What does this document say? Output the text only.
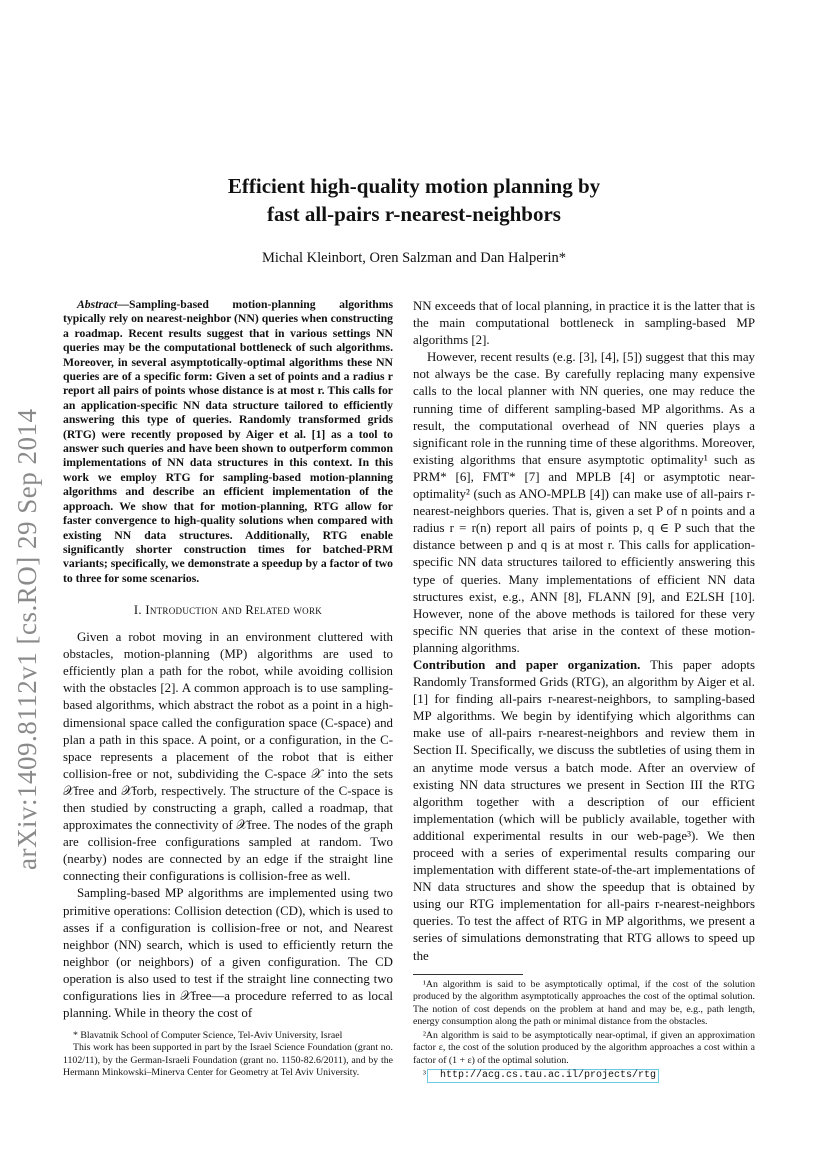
arXiv:1409.8112v1 [cs.RO] 29 Sep 2014
Efficient high-quality motion planning by
fast all-pairs r-nearest-neighbors
Michal Kleinbort, Oren Salzman and Dan Halperin*

Abstract—Sampling-based motion-planning algorithms typically rely on nearest-neighbor (NN) queries when constructing a roadmap. Recent results suggest that in various settings NN queries may be the computational bottleneck of such algorithms. Moreover, in several asymptotically-optimal algorithms these NN queries are of a specific form: Given a set of points and a radius r report all pairs of points whose distance is at most r. This calls for an application-specific NN data structure tailored to efficiently answering this type of queries. Randomly transformed grids (RTG) were recently proposed by Aiger et al. [1] as a tool to answer such queries and have been shown to outperform common implementations of NN data structures in this context. In this work we employ RTG for sampling-based motion-planning algorithms and describe an efficient implementation of the approach. We show that for motion-planning, RTG allow for faster convergence to high-quality solutions when compared with existing NN data structures. Additionally, RTG enable significantly shorter construction times for batched-PRM variants; specifically, we demonstrate a speedup by a factor of two to three for some scenarios.

I. Introduction and Related work

Given a robot moving in an environment cluttered with obstacles, motion-planning (MP) algorithms are used to efficiently plan a path for the robot, while avoiding collision with the obstacles [2]. A common approach is to use sampling-based algorithms, which abstract the robot as a point in a high-dimensional space called the configuration space (C-space) and plan a path in this space. A point, or a configuration, in the C-space represents a placement of the robot that is either collision-free or not, subdividing the C-space 𝒳 into the sets 𝒳free and 𝒳forb, respectively. The structure of the C-space is then studied by constructing a graph, called a roadmap, that approximates the connectivity of 𝒳free. The nodes of the graph are collision-free configurations sampled at random. Two (nearby) nodes are connected by an edge if the straight line connecting their configurations is collision-free as well.

Sampling-based MP algorithms are implemented using two primitive operations: Collision detection (CD), which is used to asses if a configuration is collision-free or not, and Nearest neighbor (NN) search, which is used to efficiently return the neighbor (or neighbors) of a given configuration. The CD operation is also used to test if the straight line connecting two configurations lies in 𝒳free—a procedure referred to as local planning. While in theory the cost of

* Blavatnik School of Computer Science, Tel-Aviv University, Israel

This work has been supported in part by the Israel Science Foundation (grant no. 1102/11), by the German-Israeli Foundation (grant no. 1150-82.6/2011), and by the Hermann Minkowski–Minerva Center for Geometry at Tel Aviv University.

NN exceeds that of local planning, in practice it is the latter that is the main computational bottleneck in sampling-based MP algorithms [2].

However, recent results (e.g. [3], [4], [5]) suggest that this may not always be the case. By carefully replacing many expensive calls to the local planner with NN queries, one may reduce the running time of different sampling-based MP algorithms. As a result, the computational overhead of NN queries plays a significant role in the running time of these algorithms. Moreover, existing algorithms that ensure asymptotic optimality¹ such as PRM* [6], FMT* [7] and MPLB [4] or asymptotic near-optimality² (such as ANO-MPLB [4]) can make use of all-pairs r-nearest-neighbors queries. That is, given a set P of n points and a radius r = r(n) report all pairs of points p, q ∈ P such that the distance between p and q is at most r. This calls for application-specific NN data structures tailored to efficiently answering this type of queries. Many implementations of efficient NN data structures exist, e.g., ANN [8], FLANN [9], and E2LSH [10]. However, none of the above methods is tailored for these very specific NN queries that arise in the context of these motion-planning algorithms.

Contribution and paper organization. This paper adopts Randomly Transformed Grids (RTG), an algorithm by Aiger et al. [1] for finding all-pairs r-nearest-neighbors, to sampling-based MP algorithms. We begin by identifying which algorithms can make use of all-pairs r-nearest-neighbors and review them in Section II. Specifically, we discuss the subtleties of using them in an anytime mode versus a batch mode. After an overview of existing NN data structures we present in Section III the RTG algorithm together with a description of our efficient implementation (which will be publicly available, together with additional experimental results in our web-page³). We then proceed with a series of experimental results comparing our implementation with different state-of-the-art implementations of NN data structures and show the speedup that is obtained by using our RTG implementation for all-pairs r-nearest-neighbors queries. To test the affect of RTG in MP algorithms, we present a series of simulations demonstrating that RTG allows to speed up the

¹An algorithm is said to be asymptotically optimal, if the cost of the solution produced by the algorithm asymptotically approaches the cost of the optimal solution. The notion of cost depends on the problem at hand and may be, e.g., path length, energy consumption along the path or minimal distance from the obstacles.

²An algorithm is said to be asymptotically near-optimal, if given an approximation factor ε, the cost of the solution produced by the algorithm approaches a cost within a factor of (1 + ε) of the optimal solution.

³ http://acg.cs.tau.ac.il/projects/rtg
